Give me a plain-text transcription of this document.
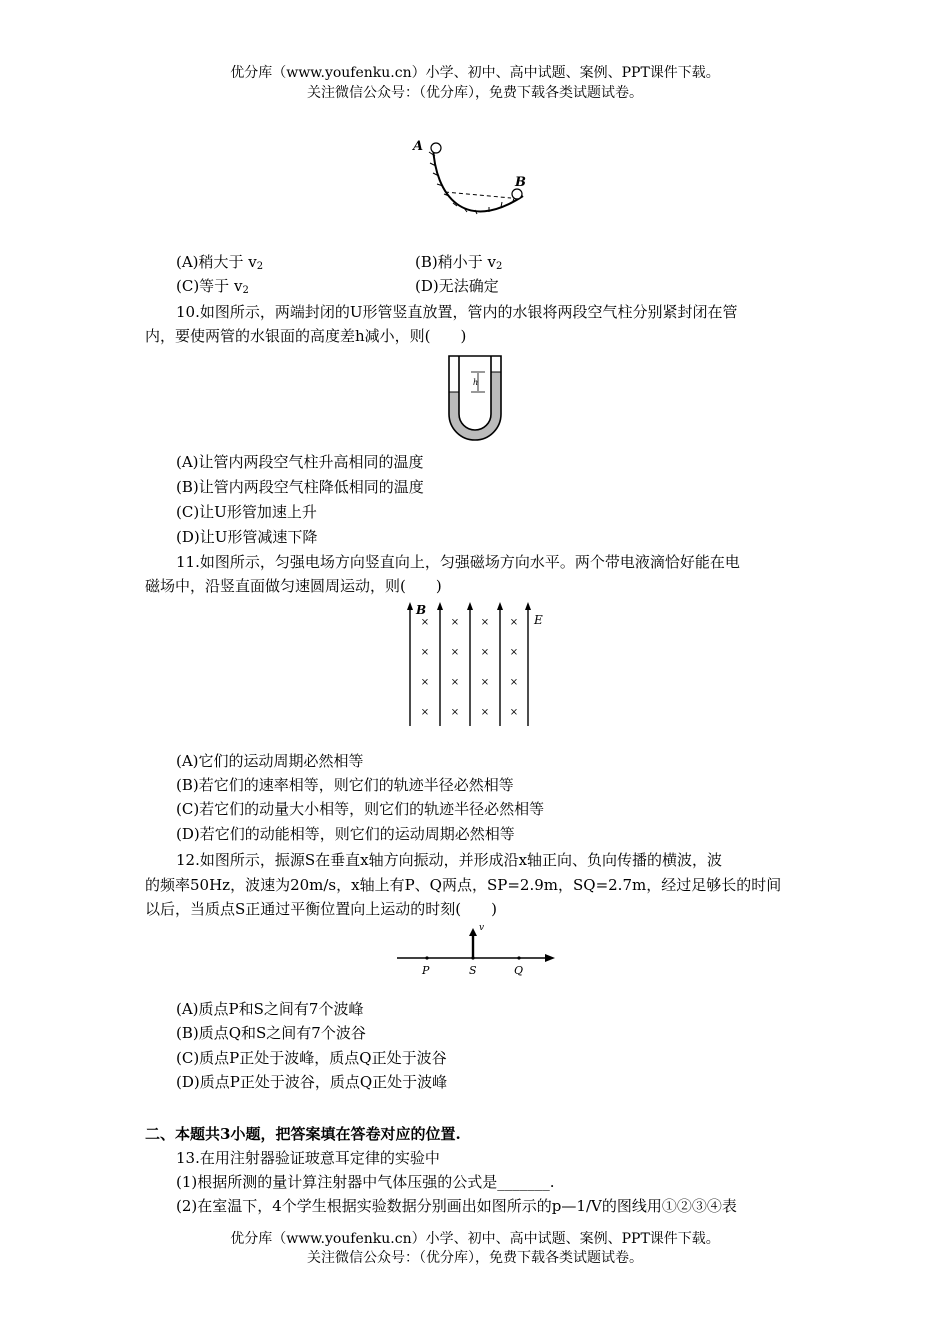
优分库（www.youfenku.cn）小学、初中、高中试题、案例、PPT课件下载。
关注微信公众号：（优分库），免费下载各类试题试卷。
A
B
(A)稍大于 $v_2$	(B)稍小于 $v_2$
(C)等于 $v_2$	(D)无法确定
10.如图所示，两端封闭的U形管竖直放置，管内的水银将两段空气柱分别紧封闭在管
内，要使两管的水银面的高度差h减小，则(　　)
h
(A)让管内两段空气柱升高相同的温度
(B)让管内两段空气柱降低相同的温度
(C)让U形管加速上升
(D)让U形管减速下降
11.如图所示，匀强电场方向竖直向上，匀强磁场方向水平。两个带电液滴恰好能在电
磁场中，沿竖直面做匀速圆周运动，则(　　)
× × × ×
× × × ×
× × × ×
× × × ×
B
E
(A)它们的运动周期必然相等
(B)若它们的速率相等，则它们的轨迹半径必然相等
(C)若它们的动量大小相等，则它们的轨迹半径必然相等
(D)若它们的动能相等，则它们的运动周期必然相等
12.如图所示，振源S在垂直x轴方向振动，并形成沿x轴正向、负向传播的横波，波
的频率50Hz，波速为20m/s，x轴上有P、Q两点，SP=2.9m，SQ=2.7m，经过足够长的时间
以后，当质点S正通过平衡位置向上运动的时刻(　　)
v
P	S	Q
(A)质点P和S之间有7个波峰
(B)质点Q和S之间有7个波谷
(C)质点P正处于波峰，质点Q正处于波谷
(D)质点P正处于波谷，质点Q正处于波峰
二、本题共3小题，把答案填在答卷对应的位置.
13.在用注射器验证玻意耳定律的实验中
(1)根据所测的量计算注射器中气体压强的公式是_______.
(2)在室温下，4个学生根据实验数据分别画出如图所示的p—1/V的图线用①②③④表
优分库（www.youfenku.cn）小学、初中、高中试题、案例、PPT课件下载。
关注微信公众号：（优分库），免费下载各类试题试卷。
